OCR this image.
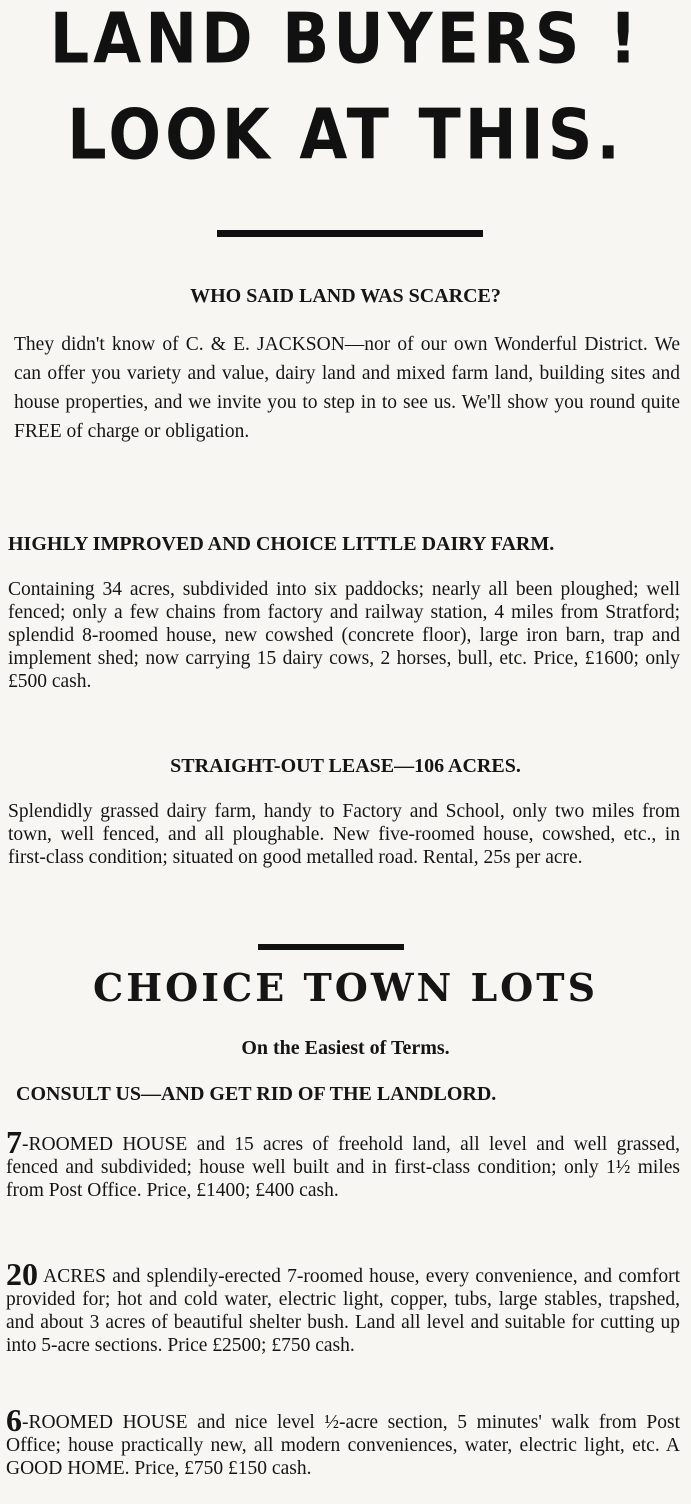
LAND BUYERS !
LOOK AT THIS.
WHO SAID LAND WAS SCARCE?
They didn't know of C. & E. JACKSON—nor of our own Wonderful District. We can offer you variety and value, dairy land and mixed farm land, building sites and house properties, and we invite you to step in to see us. We'll show you round quite FREE of charge or obligation.
HIGHLY IMPROVED AND CHOICE LITTLE DAIRY FARM.
Containing 34 acres, subdivided into six paddocks; nearly all been ploughed; well fenced; only a few chains from factory and railway station, 4 miles from Stratford; splendid 8-roomed house, new cowshed (concrete floor), large iron barn, trap and implement shed; now carrying 15 dairy cows, 2 horses, bull, etc. Price, £1600; only £500 cash.
STRAIGHT-OUT LEASE—106 ACRES.
Splendidly grassed dairy farm, handy to Factory and School, only two miles from town, well fenced, and all ploughable. New five-roomed house, cowshed, etc., in first-class condition; situated on good metalled road. Rental, 25s per acre.
CHOICE TOWN LOTS
On the Easiest of Terms.
CONSULT US—AND GET RID OF THE LANDLORD.
7-ROOMED HOUSE and 15 acres of freehold land, all level and well grassed, fenced and subdivided; house well built and in first-class condition; only 1½ miles from Post Office. Price, £1400; £400 cash.
20 ACRES and splendily-erected 7-roomed house, every convenience, and comfort provided for; hot and cold water, electric light, copper, tubs, large stables, trapshed, and about 3 acres of beautiful shelter bush. Land all level and suitable for cutting up into 5-acre sections. Price £2500; £750 cash.
6-ROOMED HOUSE and nice level ½-acre section, 5 minutes' walk from Post Office; house practically new, all modern conveniences, water, electric light, etc. A GOOD HOME. Price, £750 £150 cash.
